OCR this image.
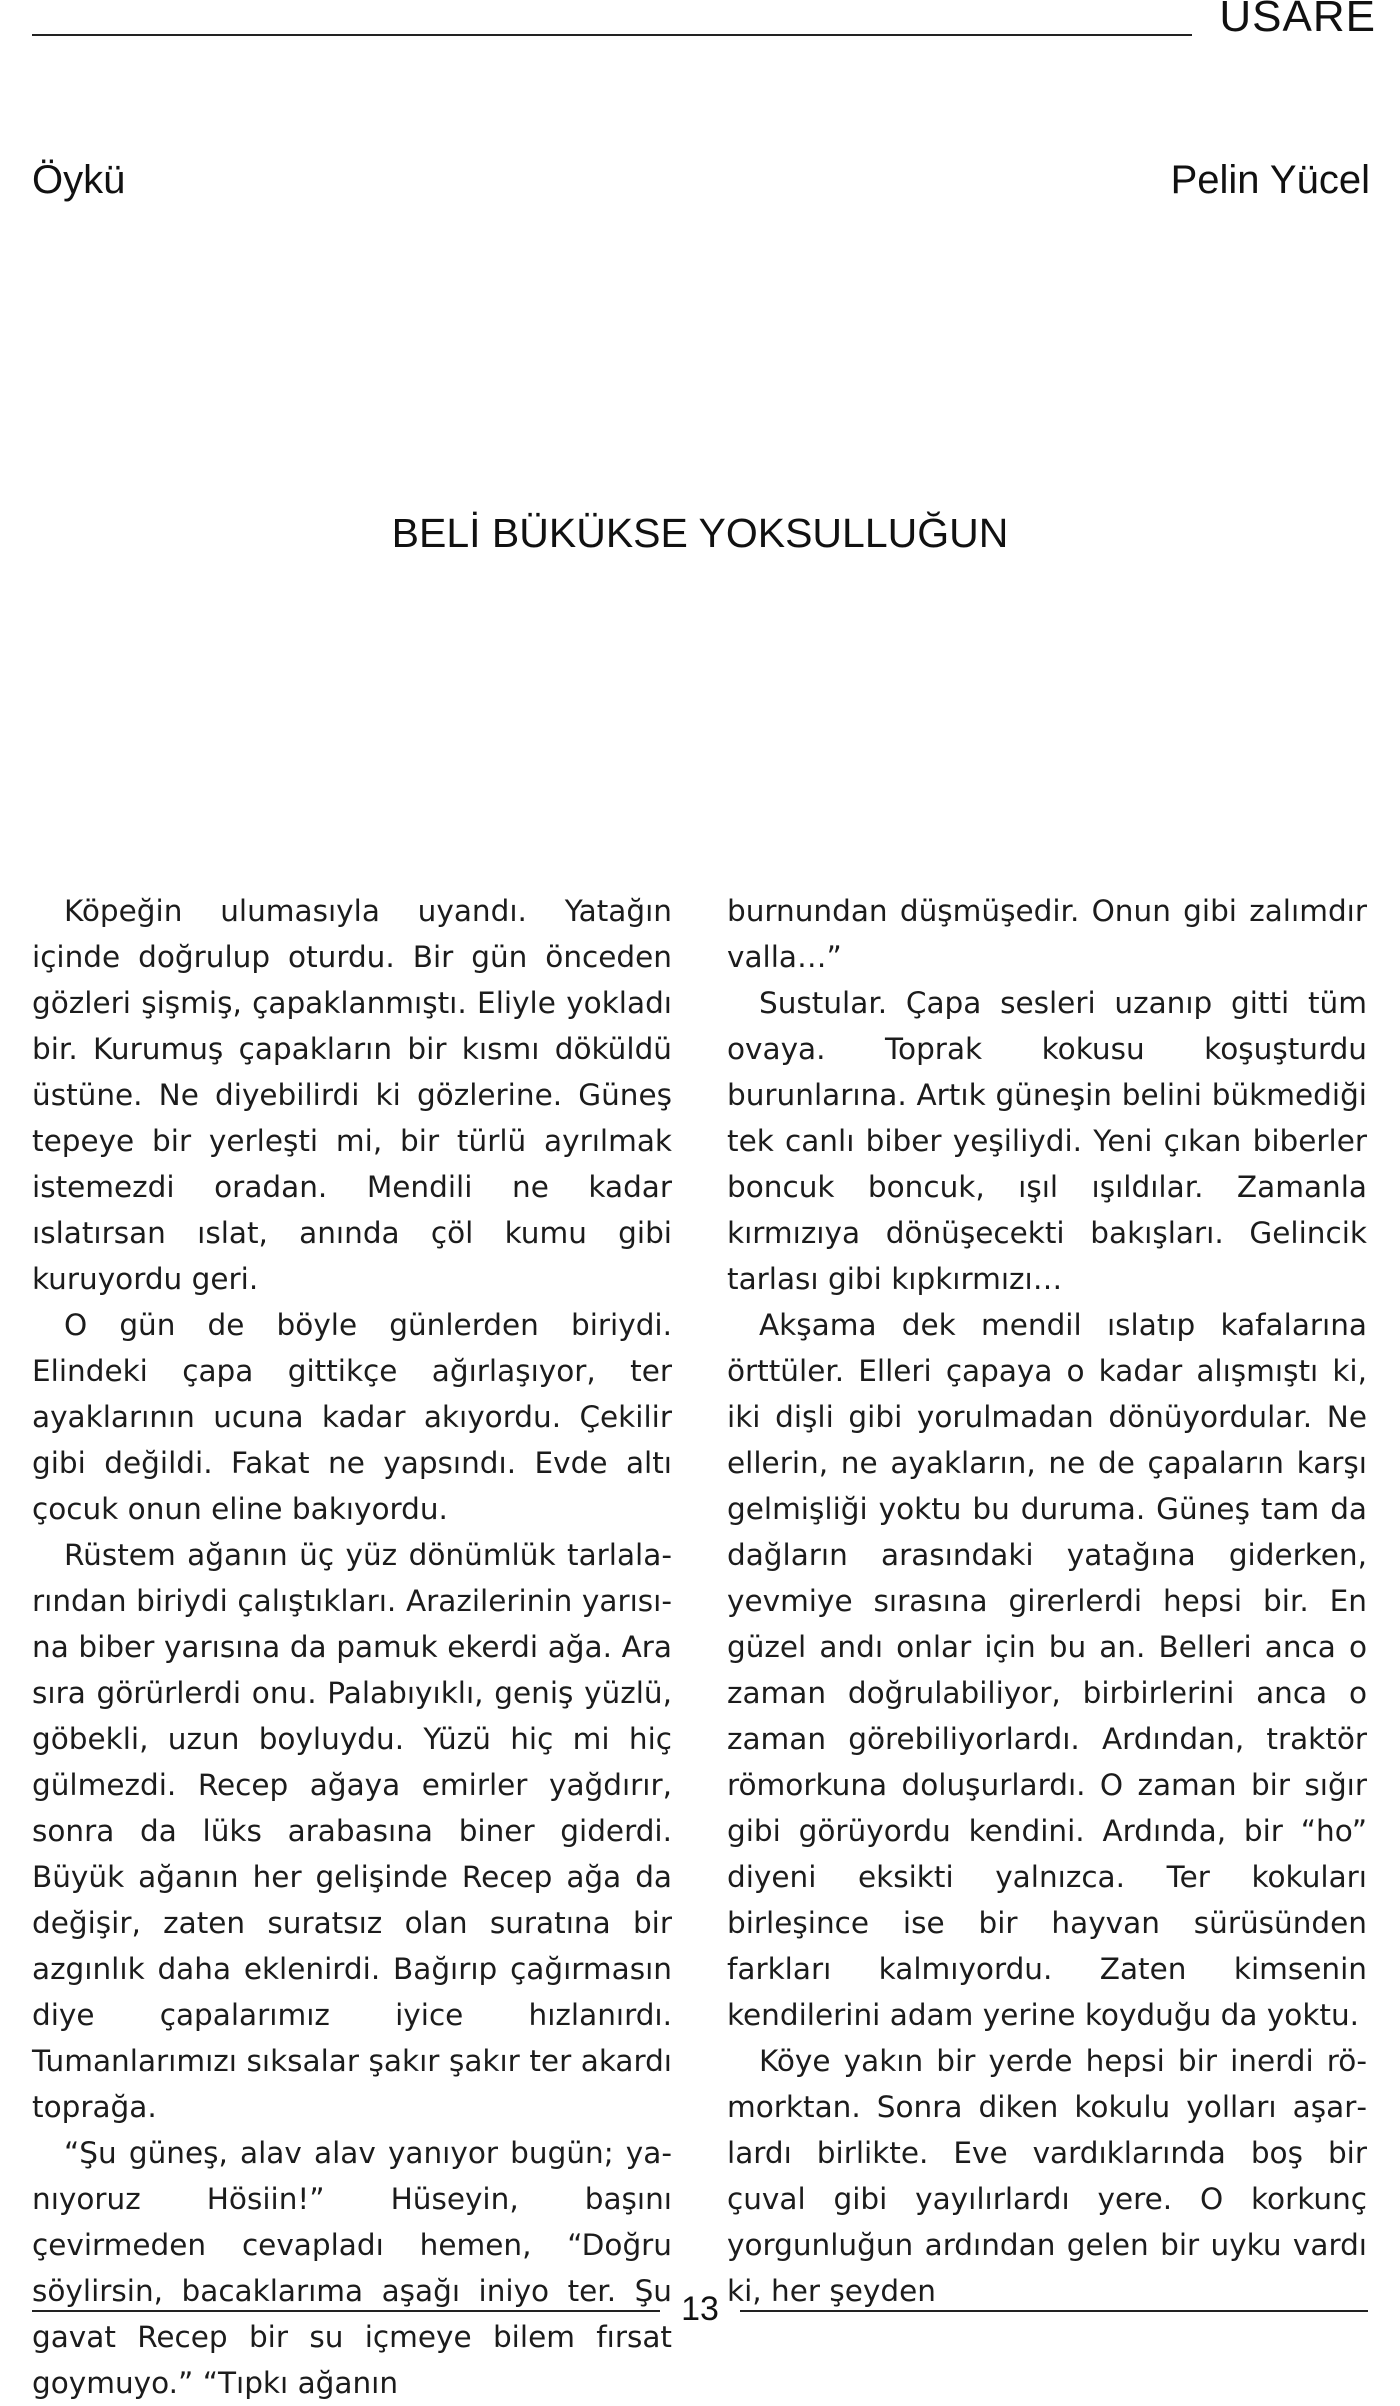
USARE
Öykü	Pelin Yücel
BELİ BÜKÜKSE YOKSULLUĞUN

Köpeğin ulumasıyla uyandı. Yatağın içinde doğrulup oturdu. Bir gün önceden gözleri şişmiş, çapaklanmıştı. Eliyle yokladı bir. Kurumuş çapakların bir kısmı döküldü üstüne. Ne diyebilirdi ki gözlerine. Güneş tepeye bir yerleşti mi, bir türlü ayrılmak istemezdi oradan. Mendili ne kadar ıslatırsan ıslat, anında çöl kumu gibi kuruyordu geri.

O gün de böyle günlerden biriydi. Elindeki çapa gittikçe ağırlaşıyor, ter ayaklarının ucuna kadar akıyordu. Çekilir gibi değildi. Fakat ne yapsındı. Evde altı çocuk onun eline bakıyordu.

Rüstem ağanın üç yüz dönümlük tarlalarından biriydi çalıştıkları. Arazilerinin yarısına biber yarısına da pamuk ekerdi ağa. Ara sıra görürlerdi onu. Palabıyıklı, geniş yüzlü, göbekli, uzun boyluydu. Yüzü hiç mi hiç gülmezdi. Recep ağaya emirler yağdırır, sonra da lüks arabasına biner giderdi. Büyük ağanın her gelişinde Recep ağa da değişir, zaten suratsız olan suratına bir azgınlık daha eklenirdi. Bağırıp çağırmasın diye çapalarımız iyice hızlanırdı. Tumanlarımızı sıksalar şakır şakır ter akardı toprağa.

“Şu güneş, alav alav yanıyor bugün; yanıyoruz Hösiin!” Hüseyin, başını çevirmeden cevapladı hemen, “Doğru söylirsin, bacaklarıma aşağı iniyo ter. Şu gavat Recep bir su içmeye bilem fırsat goymuyo.” “Tıpkı ağanın

burnundan düşmüşedir. Onun gibi zalımdır valla…”

Sustular. Çapa sesleri uzanıp gitti tüm ovaya. Toprak kokusu koşuşturdu burunlarına. Artık güneşin belini bükmediği tek canlı biber yeşiliydi. Yeni çıkan biberler boncuk boncuk, ışıl ışıldılar. Zamanla kırmızıya dönüşecekti bakışları. Gelincik tarlası gibi kıpkırmızı…

Akşama dek mendil ıslatıp kafalarına örttüler. Elleri çapaya o kadar alışmıştı ki, iki dişli gibi yorulmadan dönüyordular. Ne ellerin, ne ayakların, ne de çapaların karşı gelmişliği yoktu bu duruma. Güneş tam da dağların arasındaki yatağına giderken, yevmiye sırasına girerlerdi hepsi bir. En güzel andı onlar için bu an. Belleri anca o zaman doğrulabiliyor, birbirlerini anca o zaman görebiliyorlardı. Ardından, traktör römorkuna doluşurlardı. O zaman bir sığır gibi görüyordu kendini. Ardında, bir “ho” diyeni eksikti yalnızca. Ter kokuları birleşince ise bir hayvan sürüsünden farkları kalmıyordu. Zaten kimsenin kendilerini adam yerine koyduğu da yoktu.

Köye yakın bir yerde hepsi bir inerdi römorktan. Sonra diken kokulu yolları aşarlardı birlikte. Eve vardıklarında boş bir çuval gibi yayılırlardı yere. O korkunç yorgunluğun ardından gelen bir uyku vardı ki, her şeyden

13
